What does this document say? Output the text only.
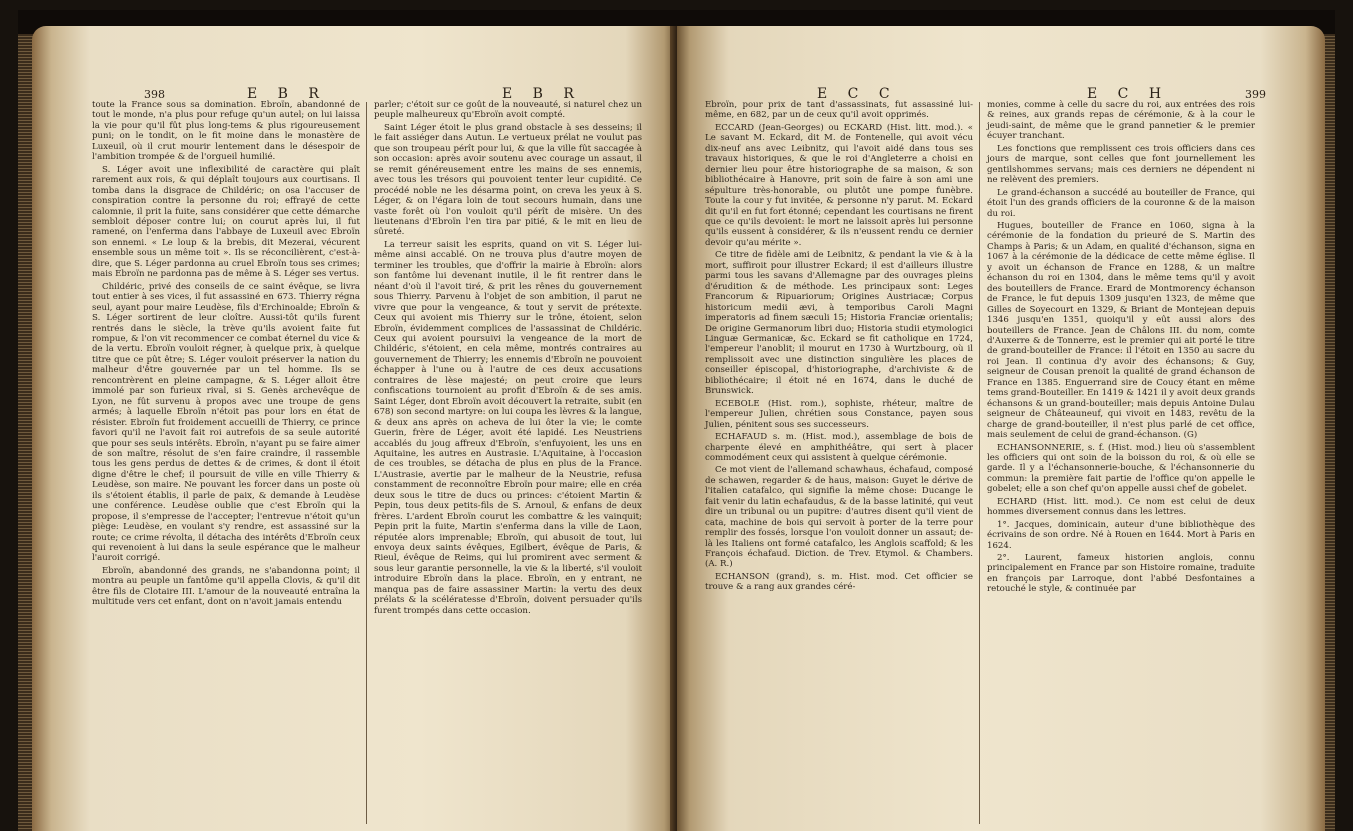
398	E B R	E B R

toute la France sous sa domination. Ebroïn, abandonné de tout le monde, n'a plus pour refuge qu'un autel; on lui laissa la vie pour qu'il fût plus long-tems & plus rigoureusement puni; on le tondit, on le fit moine dans le monastère de Luxeuil, où il crut mourir lentement dans le désespoir de l'ambition trompée & de l'orgueil humilié.

S. Léger avoit une inflexibilité de caractère qui plaît rarement aux rois, & qui déplaît toujours aux courtisans. Il tomba dans la disgrace de Childéric; on osa l'accuser de conspiration contre la personne du roi; effrayé de cette calomnie, il prit la fuite, sans considérer que cette démarche sembloit déposer contre lui; on courut après lui, il fut ramené, on l'enferma dans l'abbaye de Luxeuil avec Ebroïn son ennemi. « Le loup & la brebis, dit Mezerai, vécurent ensemble sous un même toit ». Ils se réconcilièrent, c'est-à-dire, que S. Léger pardonna au cruel Ebroïn tous ses crimes; mais Ebroïn ne pardonna pas de même à S. Léger ses vertus.

Childéric, privé des conseils de ce saint évêque, se livra tout entier à ses vices, il fut assassiné en 673. Thierry régna seul, ayant pour maire Leudèse, fils d'Erchinoalde; Ebroïn & S. Léger sortirent de leur cloître. Aussi-tôt qu'ils furent rentrés dans le siècle, la trève qu'ils avoient faite fut rompue, & l'on vit recommencer ce combat éternel du vice & de la vertu. Ebroïn vouloit régner, à quelque prix, à quelque titre que ce pût être; S. Léger vouloit préserver la nation du malheur d'être gouvernée par un tel homme. Ils se rencontrèrent en pleine campagne, & S. Léger alloit être immolé par son furieux rival, si S. Genès archevêque de Lyon, ne fût survenu à propos avec une troupe de gens armés; à laquelle Ebroïn n'étoit pas pour lors en état de résister. Ebroïn fut froidement accueilli de Thierry, ce prince favori qu'il ne l'avoit fait roi autrefois de sa seule autorité que pour ses seuls intérêts. Ebroïn, n'ayant pu se faire aimer de son maître, résolut de s'en faire craindre, il rassemble tous les gens perdus de dettes & de crimes, & dont il étoit digne d'être le chef; il poursuit de ville en ville Thierry & Leudèse, son maire. Ne pouvant les forcer dans un poste où ils s'étoient établis, il parle de paix, & demande à Leudèse une conférence. Leudèse oublie que c'est Ebroïn qui la propose, il s'empresse de l'accepter; l'entrevue n'étoit qu'un piège: Leudèse, en voulant s'y rendre, est assassiné sur la route; ce crime révolta, il détacha des intérêts d'Ebroïn ceux qui revenoient à lui dans la seule espérance que le malheur l'auroit corrigé.

Ebroïn, abandonné des grands, ne s'abandonna point; il montra au peuple un fantôme qu'il appella Clovis, & qu'il dit être fils de Clotaire III. L'amour de la nouveauté entraîna la multitude vers cet enfant, dont on n'avoit jamais entendu

parler; c'étoit sur ce goût de la nouveauté, si naturel chez un peuple malheureux qu'Ebroïn avoit compté.

Saint Léger étoit le plus grand obstacle à ses desseins; il le fait assiéger dans Autun. Le vertueux prélat ne voulut pas que son troupeau pérît pour lui, & que la ville fût saccagée à son occasion: après avoir soutenu avec courage un assaut, il se remit généreusement entre les mains de ses ennemis, avec tous les trésors qui pouvoient tenter leur cupidité. Ce procédé noble ne les désarma point, on creva les yeux à S. Léger, & on l'égara loin de tout secours humain, dans une vaste forêt où l'on vouloit qu'il pérît de misère. Un des lieutenans d'Ebroïn l'en tira par pitié, & le mit en lieu de sûreté.

La terreur saisit les esprits, quand on vit S. Léger lui-même ainsi accablé. On ne trouva plus d'autre moyen de terminer les troubles, que d'offrir la mairie à Ebroïn: alors son fantôme lui devenant inutile, il le fit rentrer dans le néant d'où il l'avoit tiré, & prit les rênes du gouvernement sous Thierry. Parvenu à l'objet de son ambition, il parut ne vivre que pour la vengeance, & tout y servit de prétexte. Ceux qui avoient mis Thierry sur le trône, étoient, selon Ebroïn, évidemment complices de l'assassinat de Childéric. Ceux qui avoient poursuivi la vengeance de la mort de Childéric, s'étoient, en cela même, montrés contraires au gouvernement de Thierry; les ennemis d'Ebroïn ne pouvoient échapper à l'une ou à l'autre de ces deux accusations contraires de lèse majesté; on peut croire que leurs confiscations tournoient au profit d'Ebroïn & de ses amis. Saint Léger, dont Ebroïn avoit découvert la retraite, subit (en 678) son second martyre: on lui coupa les lèvres & la langue, & deux ans après on acheva de lui ôter la vie; le comte Guerin, frère de Léger, avoit été lapidé. Les Neustriens accablés du joug affreux d'Ebroïn, s'enfuyoient, les uns en Aquitaine, les autres en Austrasie. L'Aquitaine, à l'occasion de ces troubles, se détacha de plus en plus de la France. L'Austrasie, avertie par le malheur de la Neustrie, refusa constamment de reconnoître Ebroïn pour maire; elle en créa deux sous le titre de ducs ou princes: c'étoient Martin & Pepin, tous deux petits-fils de S. Arnoul, & enfans de deux frères. L'ardent Ebroïn courut les combattre & les vainquit; Pepin prit la fuite, Martin s'enferma dans la ville de Laon, réputée alors imprenable; Ebroïn, qui abusoit de tout, lui envoya deux saints évêques, Egilbert, évêque de Paris, & Rieul, évêque de Reims, qui lui promirent avec serment & sous leur garantie personnelle, la vie & la liberté, s'il vouloit introduire Ebroïn dans la place. Ebroïn, en y entrant, ne manqua pas de faire assassiner Martin: la vertu des deux prélats & la scélératesse d'Ebroïn, doivent persuader qu'ils furent trompés dans cette occasion.

E C C	E C H	399

Ebroïn, pour prix de tant d'assassinats, fut assassiné lui-même, en 682, par un de ceux qu'il avoit opprimés.

ECCARD (Jean-Georges) ou ECKARD (Hist. litt. mod.). « Le savant M. Eckard, dit M. de Fontenelle, qui avoit vécu dix-neuf ans avec Leibnitz, qui l'avoit aidé dans tous ses travaux historiques, & que le roi d'Angleterre a choisi en dernier lieu pour être historiographe de sa maison, & son bibliothécaire à Hanovre, prit soin de faire à son ami une sépulture très-honorable, ou plutôt une pompe funèbre. Toute la cour y fut invitée, & personne n'y parut. M. Eckard dit qu'il en fut fort étonné; cependant les courtisans ne firent que ce qu'ils devoient: le mort ne laissoit après lui personne qu'ils eussent à considérer, & ils n'eussent rendu ce dernier devoir qu'au mérite ».

Ce titre de fidèle ami de Leibnitz, & pendant la vie & à la mort, suffiroit pour illustrer Eckard; il est d'ailleurs illustre parmi tous les savans d'Allemagne par des ouvrages pleins d'érudition & de méthode. Les principaux sont: Leges Francorum & Ripuariorum; Origines Austriacæ; Corpus historicum medii ævi, à temporibus Caroli Magni imperatoris ad finem sæculi 15; Historia Franciæ orientalis; De origine Germanorum libri duo; Historia studii etymologici Linguæ Germanicæ, &c. Eckard se fit catholique en 1724, l'empereur l'anoblit; il mourut en 1730 à Wurtzbourg, où il remplissoit avec une distinction singulière les places de conseiller épiscopal, d'historiographe, d'archiviste & de bibliothécaire; il étoit né en 1674, dans le duché de Brunswick.

ECEBOLE (Hist. rom.), sophiste, rhéteur, maître de l'empereur Julien, chrétien sous Constance, payen sous Julien, pénitent sous ses successeurs.

ECHAFAUD s. m. (Hist. mod.), assemblage de bois de charpente élevé en amphithéâtre, qui sert à placer commodément ceux qui assistent à quelque cérémonie.

Ce mot vient de l'allemand schawhaus, échafaud, composé de schawen, regarder & de haus, maison: Guyet le dérive de l'italien catafalco, qui signifie la même chose: Ducange le fait venir du latin echafaudus, & de la basse latinité, qui veut dire un tribunal ou un pupitre: d'autres disent qu'il vient de cata, machine de bois qui servoit à porter de la terre pour remplir des fossés, lorsque l'on vouloit donner un assaut; de-là les Italiens ont formé catafalco, les Anglois scaffold; & les François échafaud. Diction. de Trev. Etymol. & Chambers. (A. R.)

ECHANSON (grand), s. m. Hist. mod. Cet officier se trouve & a rang aux grandes céré-

monies, comme à celle du sacre du roi, aux entrées des rois & reines, aux grands repas de cérémonie, & à la cour le jeudi-saint, de même que le grand pannetier & le premier écuyer tranchant.

Les fonctions que remplissent ces trois officiers dans ces jours de marque, sont celles que font journellement les gentilshommes servans; mais ces derniers ne dépendent ni ne relèvent des premiers.

Le grand-échanson a succédé au bouteiller de France, qui étoit l'un des grands officiers de la couronne & de la maison du roi.

Hugues, bouteiller de France en 1060, signa à la cérémonie de la fondation du prieuré de S. Martin des Champs à Paris; & un Adam, en qualité d'échanson, signa en 1067 à la cérémonie de la dédicace de cette même église. Il y avoit un échanson de France en 1288, & un maître échanson du roi en 1304, dans le même tems qu'il y avoit des bouteillers de France. Erard de Montmorency échanson de France, le fut depuis 1309 jusqu'en 1323, de même que Gilles de Soyecourt en 1329, & Briant de Montejean depuis 1346 jusqu'en 1351, quoiqu'il y eût aussi alors des bouteillers de France. Jean de Châlons III. du nom, comte d'Auxerre & de Tonnerre, est le premier qui ait porté le titre de grand-bouteiller de France: il l'étoit en 1350 au sacre du roi Jean. Il continua d'y avoir des échansons; & Guy, seigneur de Cousan prenoit la qualité de grand échanson de France en 1385. Enguerrand sire de Coucy étant en même tems grand-Bouteiller. En 1419 & 1421 il y avoit deux grands échansons & un grand-bouteiller; mais depuis Antoine Dulau seigneur de Châteauneuf, qui vivoit en 1483, revêtu de la charge de grand-bouteiller, il n'est plus parlé de cet office, mais seulement de celui de grand-échanson. (G)

ECHANSONNERIE, s. f. (Hist. mod.) lieu où s'assemblent les officiers qui ont soin de la boisson du roi, & où elle se garde. Il y a l'échansonnerie-bouche, & l'échansonnerie du commun: la première fait partie de l'office qu'on appelle le gobelet; elle a son chef qu'on appelle aussi chef de gobelet.

ECHARD (Hist. litt. mod.). Ce nom est celui de deux hommes diversement connus dans les lettres.

1°. Jacques, dominicain, auteur d'une bibliothèque des écrivains de son ordre. Né à Rouen en 1644. Mort à Paris en 1624.

2°. Laurent, fameux historien anglois, connu principalement en France par son Histoire romaine, traduite en françois par Larroque, dont l'abbé Desfontaines a retouché le style, & continuée par
